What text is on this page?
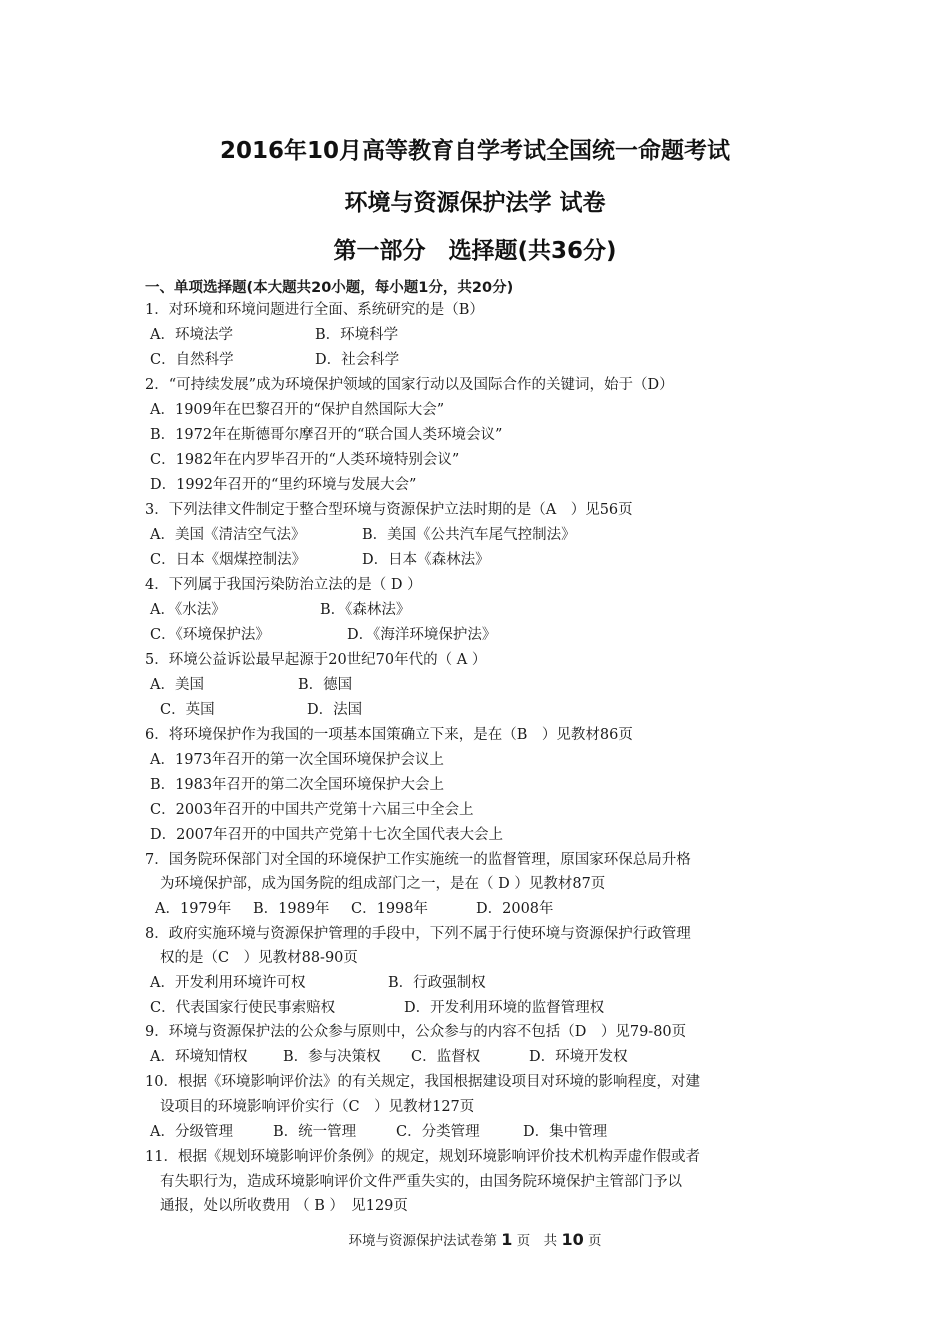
2016年10月高等教育自学考试全国统一命题考试
环境与资源保护法学 试卷
第一部分　选择题(共36分)
一、单项选择题(本大题共20小题，每小题1分，共20分)
1．对环境和环境问题进行全面、系统研究的是（B）
A．环境法学	B．环境科学
C．自然科学	D．社会科学
2．“可持续发展”成为环境保护领域的国家行动以及国际合作的关键词，始于（D）
A．1909年在巴黎召开的“保护自然国际大会”
B．1972年在斯德哥尔摩召开的“联合国人类环境会议”
C．1982年在内罗毕召开的“人类环境特别会议”
D．1992年召开的“里约环境与发展大会”
3．下列法律文件制定于整合型环境与资源保护立法时期的是（A　）见56页
A．美国《清洁空气法》	B．美国《公共汽车尾气控制法》
C．日本《烟煤控制法》	D．日本《森林法》
4．下列属于我国污染防治立法的是（ D ）
A．《水法》	B．《森林法》
C．《环境保护法》	D．《海洋环境保护法》
5．环境公益诉讼最早起源于20世纪70年代的（ A ）
A．美国	B．德国
C．英国	D．法国
6．将环境保护作为我国的一项基本国策确立下来，是在（B　）见教材86页
A．1973年召开的第一次全国环境保护会议上
B．1983年召开的第二次全国环境保护大会上
C．2003年召开的中国共产党第十六届三中全会上
D．2007年召开的中国共产党第十七次全国代表大会上
7．国务院环保部门对全国的环境保护工作实施统一的监督管理，原国家环保总局升格
为环境保护部，成为国务院的组成部门之一，是在（ D ）见教材87页
A．1979年 B．1989年 C．1998年	D．2008年
8．政府实施环境与资源保护管理的手段中，下列不属于行使环境与资源保护行政管理
权的是（C　）见教材88-90页
A．开发利用环境许可权	B．行政强制权
C．代表国家行使民事索赔权	D．开发利用环境的监督管理权
9．环境与资源保护法的公众参与原则中，公众参与的内容不包括（D　）见79-80页
A．环境知情权 B．参与决策权 C．监督权	D．环境开发权
10．根据《环境影响评价法》的有关规定，我国根据建设项目对环境的影响程度，对建
设项目的环境影响评价实行（C　）见教材127页
A．分级管理	B．统一管理	C．分类管理	D．集中管理
11．根据《规划环境影响评价条例》的规定，规划环境影响评价技术机构弄虚作假或者
有失职行为，造成环境影响评价文件严重失实的，由国务院环境保护主管部门予以
通报，处以所收费用 （ B ）　见129页
环境与资源保护法试卷第 1 页　共 10 页
